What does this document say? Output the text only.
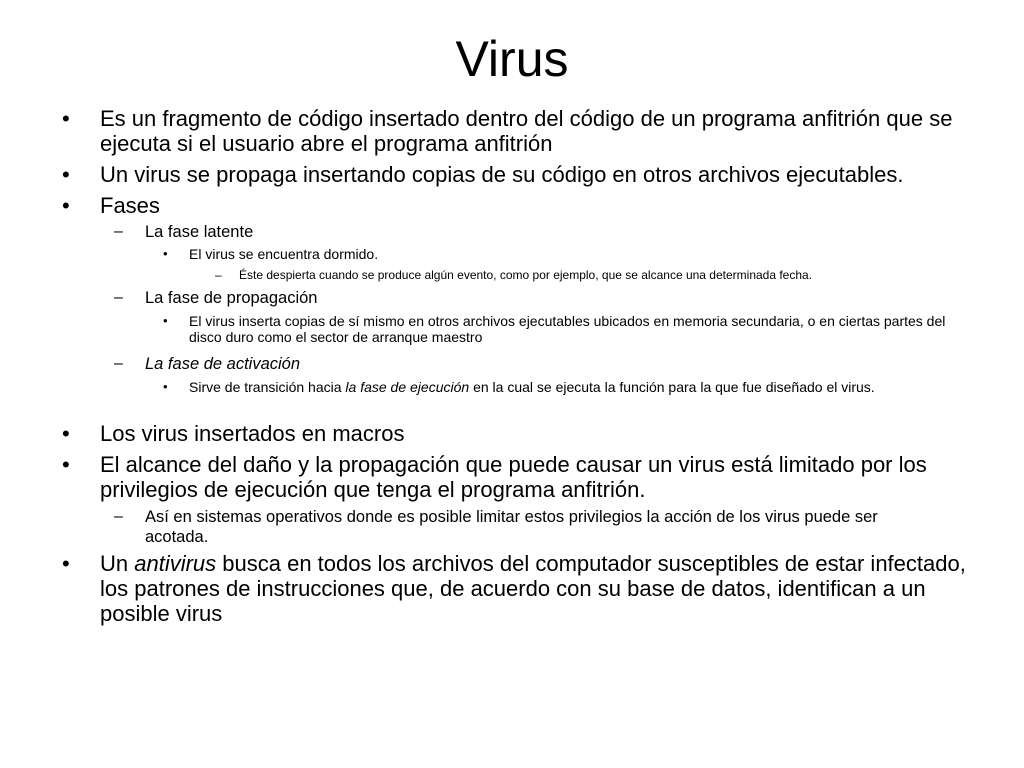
Virus
• Es un fragmento de código insertado dentro del código de un programa anfitrión que se ejecuta si el usuario abre el programa anfitrión
• Un virus se propaga insertando copias de su código en otros archivos ejecutables.
• Fases
– La fase latente
• El virus se encuentra dormido.
– Éste despierta cuando se produce algún evento, como por ejemplo, que se alcance una determinada fecha.
– La fase de propagación
• El virus inserta copias de sí mismo en otros archivos ejecutables ubicados en memoria secundaria, o en ciertas partes del disco duro como el sector de arranque maestro
– La fase de activación
• Sirve de transición hacia la fase de ejecución en la cual se ejecuta la función para la que fue diseñado el virus.
• Los virus insertados en macros
• El alcance del daño y la propagación que puede causar un virus está limitado por los privilegios de ejecución que tenga el programa anfitrión.
– Así en sistemas operativos donde es posible limitar estos privilegios la acción de los virus puede ser acotada.
• Un antivirus busca en todos los archivos del computador susceptibles de estar infectado, los patrones de instrucciones que, de acuerdo con su base de datos, identifican a un posible virus
